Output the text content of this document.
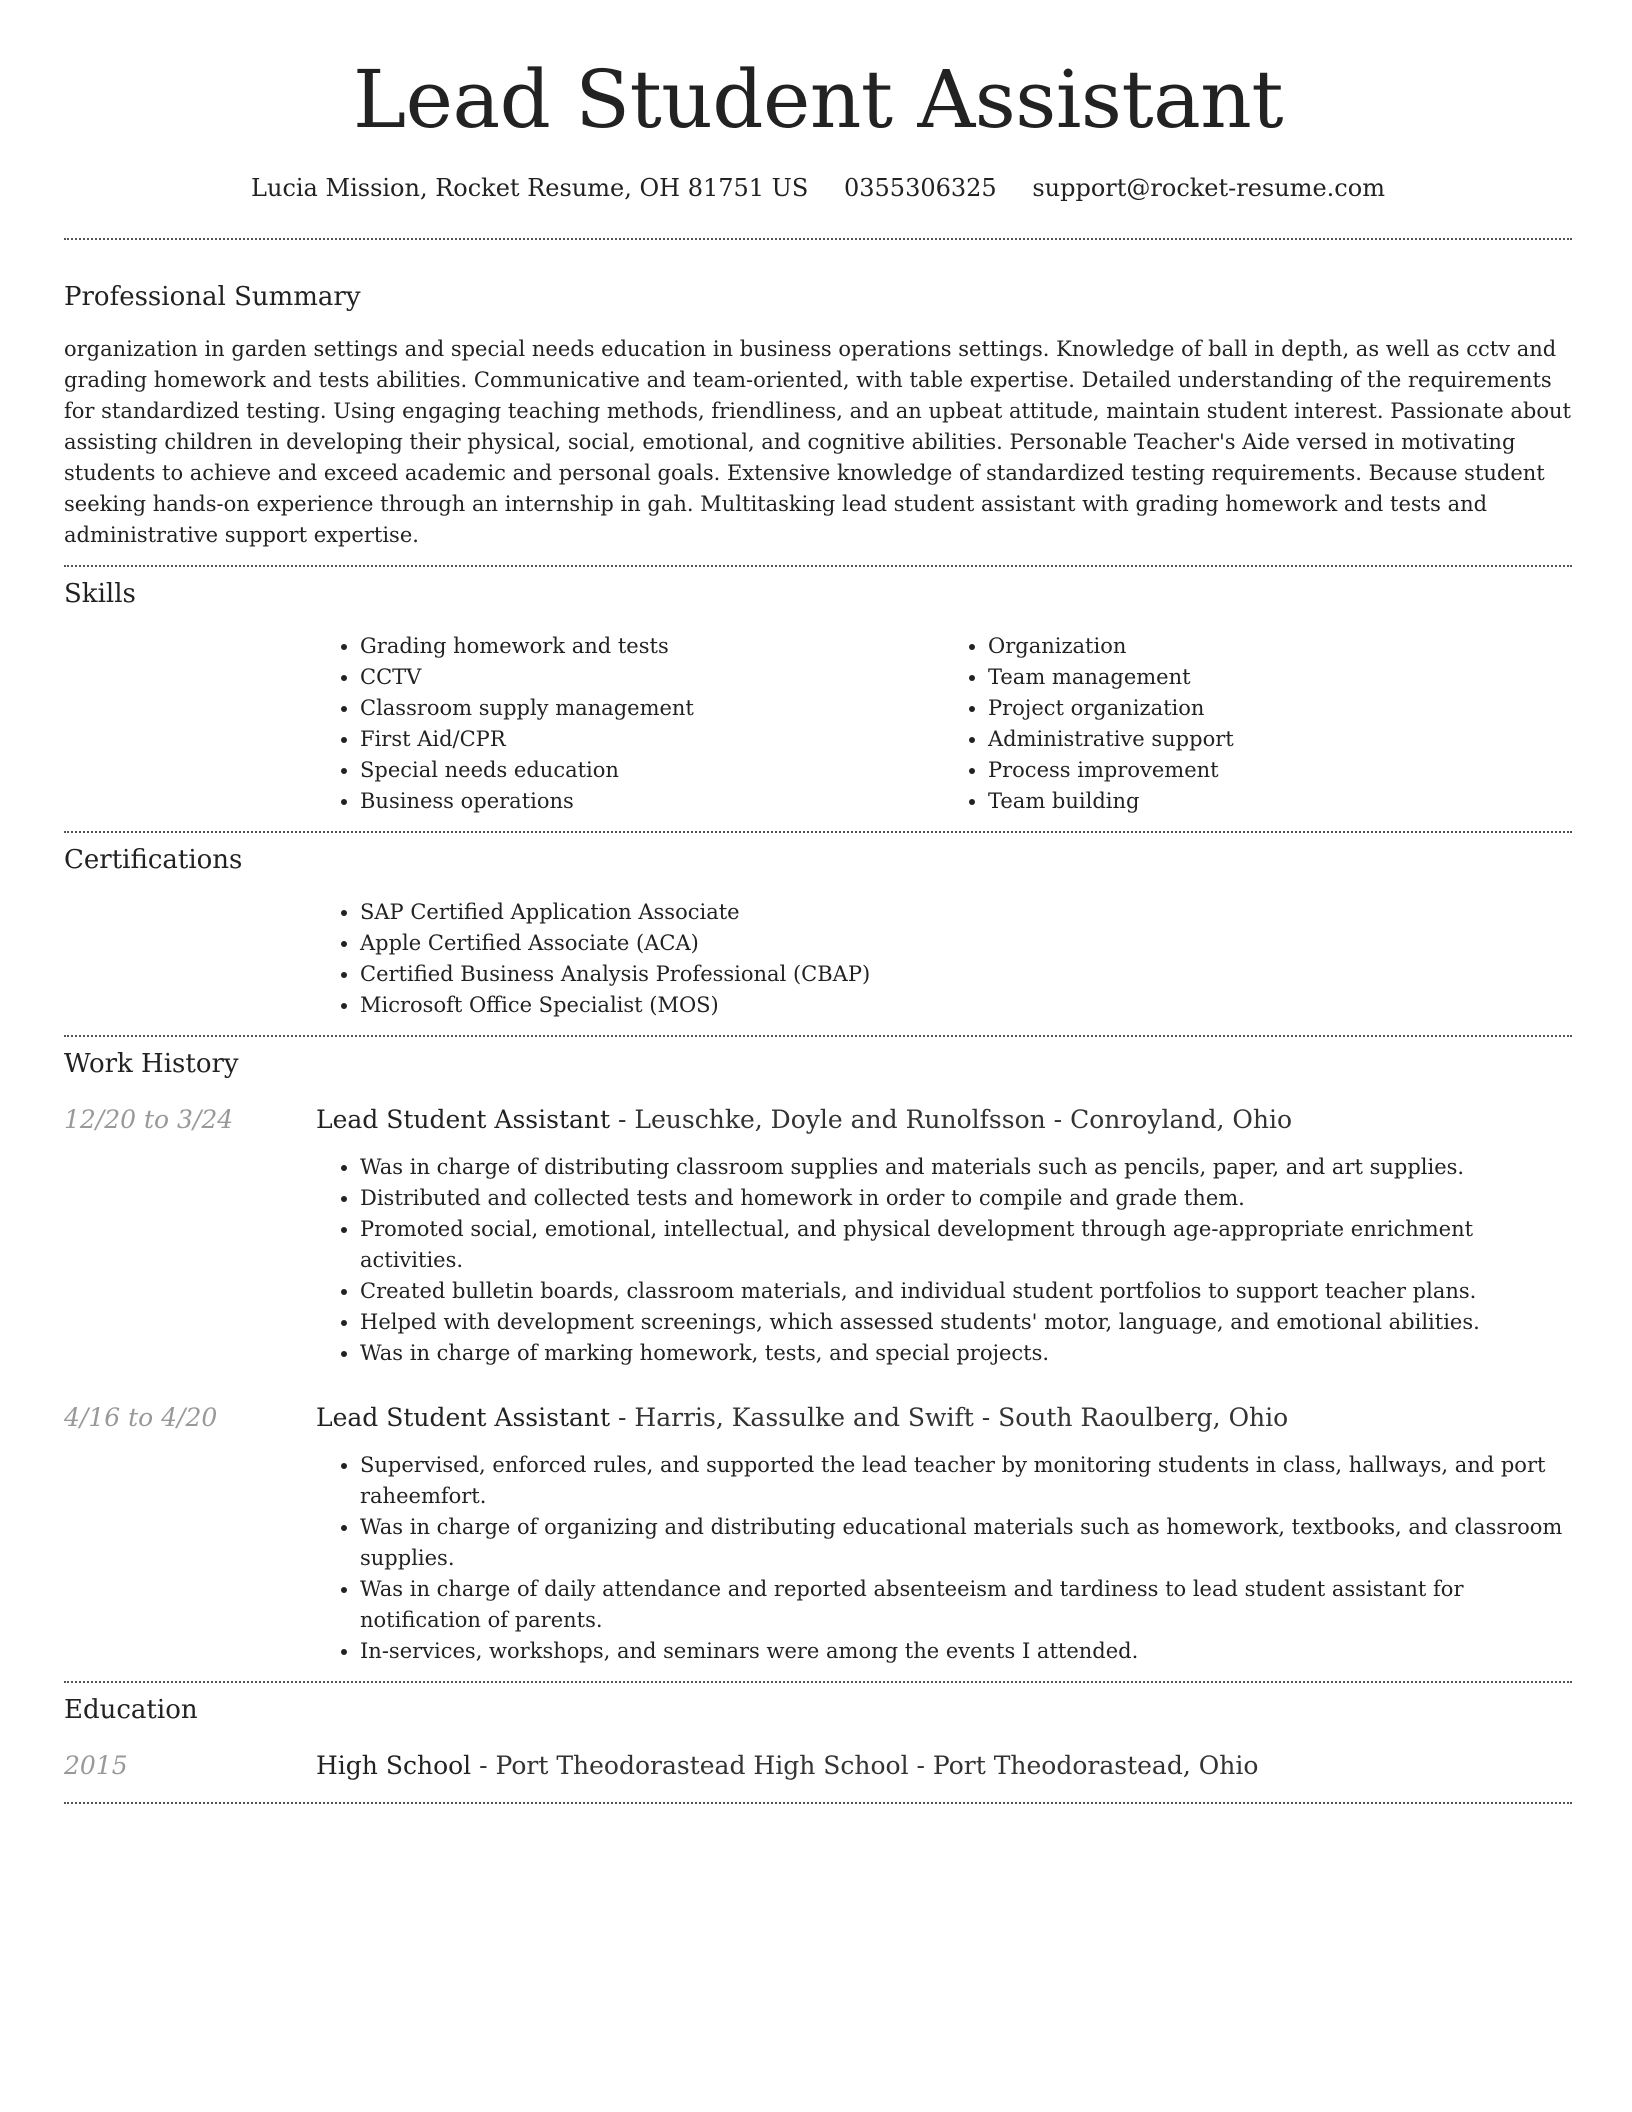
Lead Student Assistant
Lucia Mission, Rocket Resume, OH 81751 US 0355306325 support@rocket-resume.com
Professional Summary

organization in garden settings and special needs education in business operations settings. Knowledge of ball in depth, as well as cctv and grading homework and tests abilities. Communicative and team-oriented, with table expertise. Detailed understanding of the requirements for standardized testing. Using engaging teaching methods, friendliness, and an upbeat attitude, maintain student interest. Passionate about assisting children in developing their physical, social, emotional, and cognitive abilities. Personable Teacher's Aide versed in motivating students to achieve and exceed academic and personal goals. Extensive knowledge of standardized testing requirements. Because student seeking hands-on experience through an internship in gah. Multitasking lead student assistant with grading homework and tests and administrative support expertise.

Skills
• Grading homework and tests
• CCTV
• Classroom supply management
• First Aid/CPR
• Special needs education
• Business operations
• Organization
• Team management
• Project organization
• Administrative support
• Process improvement
• Team building
Certifications
• SAP Certified Application Associate
• Apple Certified Associate (ACA)
• Certified Business Analysis Professional (CBAP)
• Microsoft Office Specialist (MOS)
Work History
12/20 to 3/24	Lead Student Assistant - Leuschke, Doyle and Runolfsson - Conroyland, Ohio
• Was in charge of distributing classroom supplies and materials such as pencils, paper, and art supplies.
• Distributed and collected tests and homework in order to compile and grade them.
• Promoted social, emotional, intellectual, and physical development through age-appropriate enrichment activities.
• Created bulletin boards, classroom materials, and individual student portfolios to support teacher plans.
• Helped with development screenings, which assessed students' motor, language, and emotional abilities.
• Was in charge of marking homework, tests, and special projects.
4/16 to 4/20	Lead Student Assistant - Harris, Kassulke and Swift - South Raoulberg, Ohio
• Supervised, enforced rules, and supported the lead teacher by monitoring students in class, hallways, and port raheemfort.
• Was in charge of organizing and distributing educational materials such as homework, textbooks, and classroom supplies.
• Was in charge of daily attendance and reported absenteeism and tardiness to lead student assistant for notification of parents.
• In-services, workshops, and seminars were among the events I attended.
Education
2015	High School - Port Theodorastead High School - Port Theodorastead, Ohio
